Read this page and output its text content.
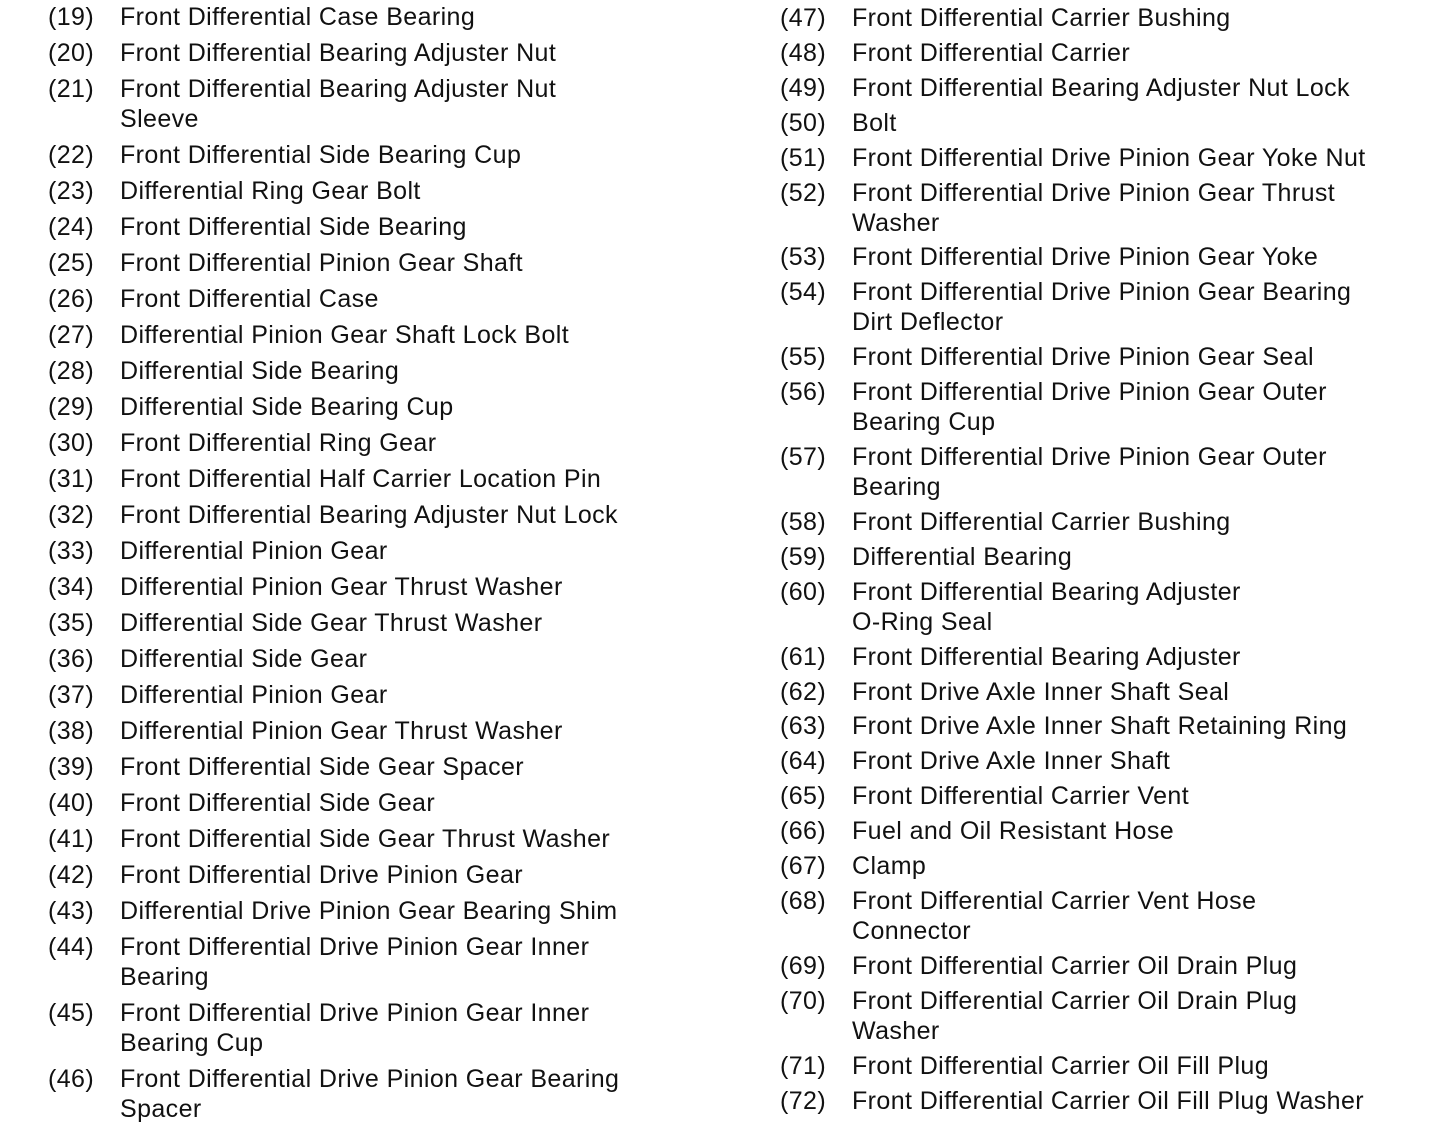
(19)	Front Differential Case Bearing
(20)	Front Differential Bearing Adjuster Nut
(21)	Front Differential Bearing Adjuster Nut
Sleeve
(22)	Front Differential Side Bearing Cup
(23)	Differential Ring Gear Bolt
(24)	Front Differential Side Bearing
(25)	Front Differential Pinion Gear Shaft
(26)	Front Differential Case
(27)	Differential Pinion Gear Shaft Lock Bolt
(28)	Differential Side Bearing
(29)	Differential Side Bearing Cup
(30)	Front Differential Ring Gear
(31)	Front Differential Half Carrier Location Pin
(32)	Front Differential Bearing Adjuster Nut Lock
(33)	Differential Pinion Gear
(34)	Differential Pinion Gear Thrust Washer
(35)	Differential Side Gear Thrust Washer
(36)	Differential Side Gear
(37)	Differential Pinion Gear
(38)	Differential Pinion Gear Thrust Washer
(39)	Front Differential Side Gear Spacer
(40)	Front Differential Side Gear
(41)	Front Differential Side Gear Thrust Washer
(42)	Front Differential Drive Pinion Gear
(43)	Differential Drive Pinion Gear Bearing Shim
(44)	Front Differential Drive Pinion Gear Inner
Bearing
(45)	Front Differential Drive Pinion Gear Inner
Bearing Cup
(46)	Front Differential Drive Pinion Gear Bearing
Spacer
(47)	Front Differential Carrier Bushing
(48)	Front Differential Carrier
(49)	Front Differential Bearing Adjuster Nut Lock
(50)	Bolt
(51)	Front Differential Drive Pinion Gear Yoke Nut
(52)	Front Differential Drive Pinion Gear Thrust
Washer
(53)	Front Differential Drive Pinion Gear Yoke
(54)	Front Differential Drive Pinion Gear Bearing
Dirt Deflector
(55)	Front Differential Drive Pinion Gear Seal
(56)	Front Differential Drive Pinion Gear Outer
Bearing Cup
(57)	Front Differential Drive Pinion Gear Outer
Bearing
(58)	Front Differential Carrier Bushing
(59)	Differential Bearing
(60)	Front Differential Bearing Adjuster
O-Ring Seal
(61)	Front Differential Bearing Adjuster
(62)	Front Drive Axle Inner Shaft Seal
(63)	Front Drive Axle Inner Shaft Retaining Ring
(64)	Front Drive Axle Inner Shaft
(65)	Front Differential Carrier Vent
(66)	Fuel and Oil Resistant Hose
(67)	Clamp
(68)	Front Differential Carrier Vent Hose
Connector
(69)	Front Differential Carrier Oil Drain Plug
(70)	Front Differential Carrier Oil Drain Plug
Washer
(71)	Front Differential Carrier Oil Fill Plug
(72)	Front Differential Carrier Oil Fill Plug Washer
